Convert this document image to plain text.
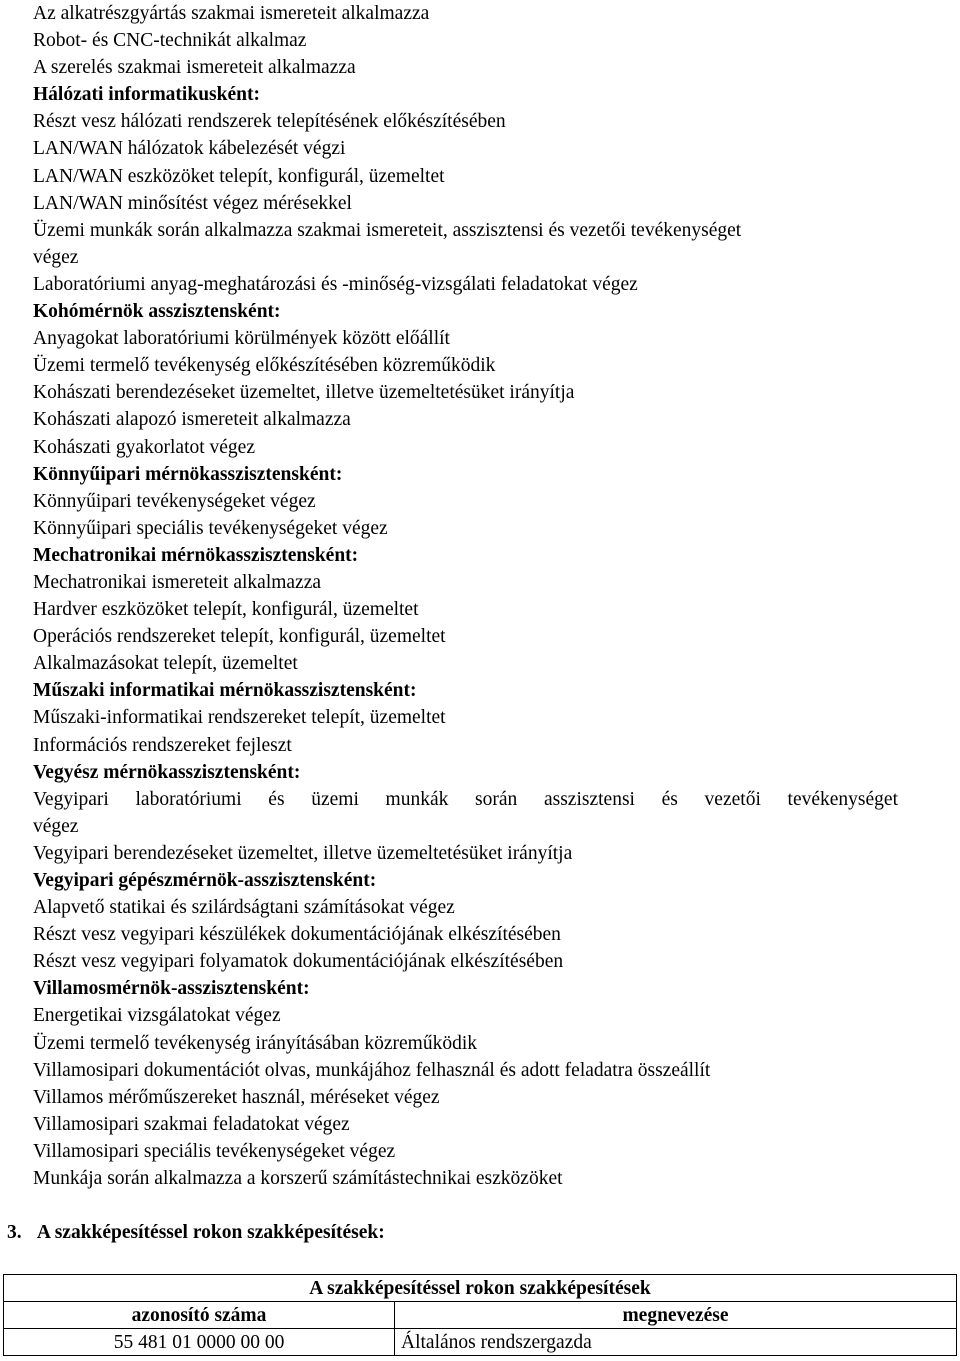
Az alkatrészgyártás szakmai ismereteit alkalmazza
Robot- és CNC-technikát alkalmaz
A szerelés szakmai ismereteit alkalmazza
Hálózati informatikusként:
Részt vesz hálózati rendszerek telepítésének előkészítésében
LAN/WAN hálózatok kábelezését végzi
LAN/WAN eszközöket telepít, konfigurál, üzemeltet
LAN/WAN minősítést végez mérésekkel
Üzemi munkák során alkalmazza szakmai ismereteit, asszisztensi és vezetői tevékenységet
végez
Laboratóriumi anyag-meghatározási és -minőség-vizsgálati feladatokat végez
Kohómérnök asszisztensként:
Anyagokat laboratóriumi körülmények között előállít
Üzemi termelő tevékenység előkészítésében közreműködik
Kohászati berendezéseket üzemeltet, illetve üzemeltetésüket irányítja
Kohászati alapozó ismereteit alkalmazza
Kohászati gyakorlatot végez
Könnyűipari mérnökasszisztensként:
Könnyűipari tevékenységeket végez
Könnyűipari speciális tevékenységeket végez
Mechatronikai mérnökasszisztensként:
Mechatronikai ismereteit alkalmazza
Hardver eszközöket telepít, konfigurál, üzemeltet
Operációs rendszereket telepít, konfigurál, üzemeltet
Alkalmazásokat telepít, üzemeltet
Műszaki informatikai mérnökasszisztensként:
Műszaki-informatikai rendszereket telepít, üzemeltet
Információs rendszereket fejleszt
Vegyész mérnökasszisztensként:
Vegyipari laboratóriumi és üzemi munkák során asszisztensi és vezetői tevékenységet
végez
Vegyipari berendezéseket üzemeltet, illetve üzemeltetésüket irányítja
Vegyipari gépészmérnök-asszisztensként:
Alapvető statikai és szilárdságtani számításokat végez
Részt vesz vegyipari készülékek dokumentációjának elkészítésében
Részt vesz vegyipari folyamatok dokumentációjának elkészítésében
Villamosmérnök-asszisztensként:
Energetikai vizsgálatokat végez
Üzemi termelő tevékenység irányításában közreműködik
Villamosipari dokumentációt olvas, munkájához felhasznál és adott feladatra összeállít
Villamos mérőműszereket használ, méréseket végez
Villamosipari szakmai feladatokat végez
Villamosipari speciális tevékenységeket végez
Munkája során alkalmazza a korszerű számítástechnikai eszközöket
3. A szakképesítéssel rokon szakképesítések:
A szakképesítéssel rokon szakképesítések	
azonosító száma	megnevezése
55 481 01 0000 00 00	Általános rendszergazda
